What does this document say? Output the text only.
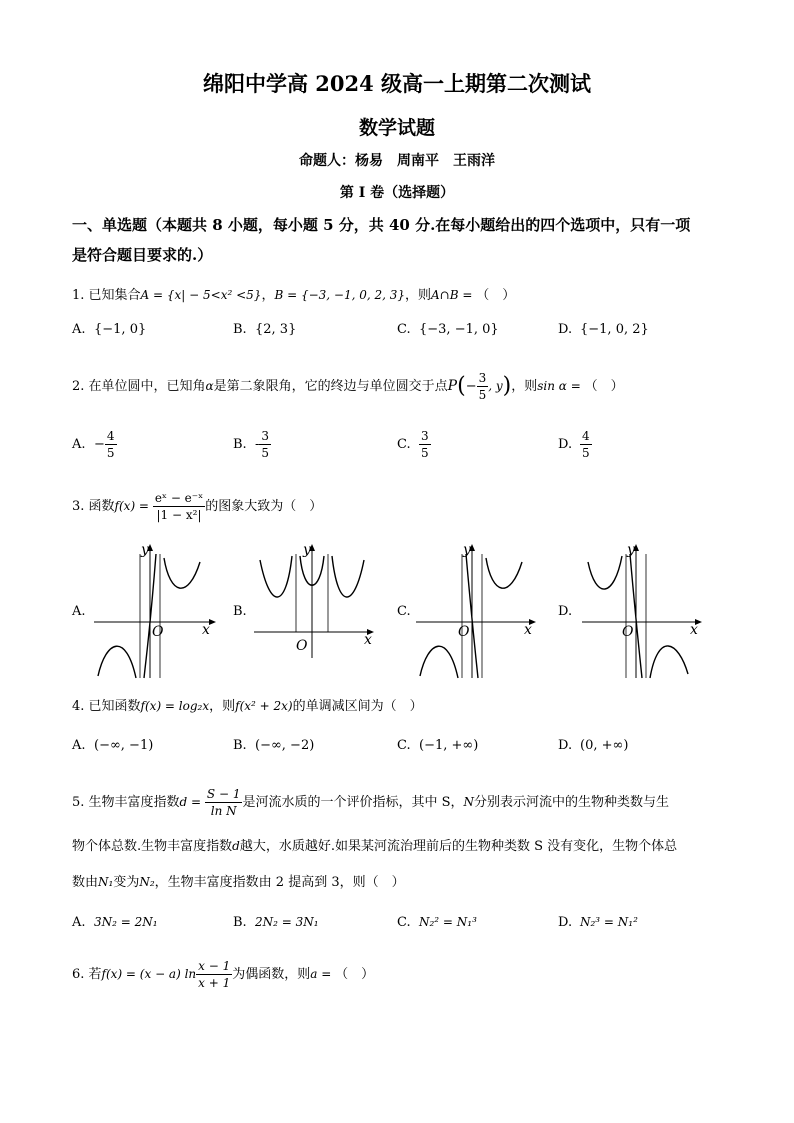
绵阳中学高 2024 级高一上期第二次测试
数学试题
命题人：杨易　周南平　王雨洋
第 I 卷（选择题）
一、单选题（本题共 8 小题，每小题 5 分，共 40 分.在每小题给出的四个选项中，只有一项
是符合题目要求的.）
1. 已知集合A = {x| − 5<x² <5}，B = {−3, −1, 0, 2, 3}，则A∩B = （　）
A. {−1, 0}	B. {2, 3}	C. {−3, −1, 0}	D. {−1, 0, 2}
2. 在单位圆中，已知角α是第二象限角，它的终边与单位圆交于点$P(- \frac{3}{5}$ , y)，则sin α = （　）
A. − $\frac{4}{5}$	B. - $\frac{3}{5}$	C. $\frac{3}{5}$	D. $\frac{4}{5}$
3. 函数$f(x) = \frac{\text{eˣ − e⁻ˣ}}{\text{|1 − x²|}}$ 的图象大致为（　）
A.
y
x
O
B.
y
x
O
C.
y
x
O
D.
y
x
O
4. 已知函数f(x) = log₂x，则f(x² + 2x)的单调减区间为（　）
A. (−∞, −1)	B. (−∞, −2)	C. (−1, +∞)	D. (0, +∞)
5. 生物丰富度指数$d = \frac{S - 1}{\text{ln N}}$ 是河流水质的一个评价指标，其中 S，N分别表示河流中的生物种类数与生
物个体总数.生物丰富度指数d越大，水质越好.如果某河流治理前后的生物种类数 S 没有变化，生物个体总
数由N₁变为N₂，生物丰富度指数由 2 提高到 3，则（　）
A. 3N₂ = 2N₁	B. 2N₂ = 3N₁	C. N₂² = N₁³	D. N₂³ = N₁²
6. 若f(x) = (x − a) $\ln \frac{x - 1}{x + 1}$ 为偶函数，则a = （　）
